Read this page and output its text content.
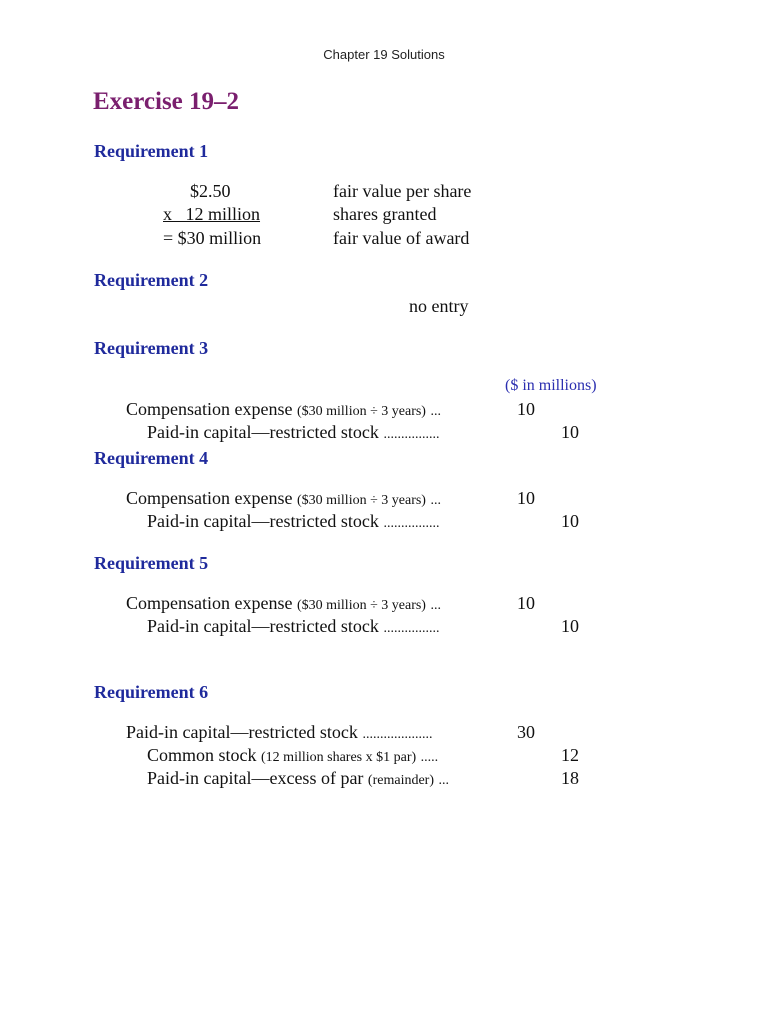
Chapter 19 Solutions
Exercise 19–2
Requirement 1
$2.50	fair value per share
x   12 million	shares granted
= $30 million	fair value of award
Requirement 2
no entry
Requirement 3
($ in millions)
Compensation expense ($30 million ÷ 3 years) ...	10
Paid-in capital—restricted stock ................	10
Requirement 4
Compensation expense ($30 million ÷ 3 years) ...	10
Paid-in capital—restricted stock ................	10
Requirement 5
Compensation expense ($30 million ÷ 3 years) ...	10
Paid-in capital—restricted stock ................	10
Requirement 6
Paid-in capital—restricted stock ....................	30
Common stock (12 million shares x $1 par) .....	12
Paid-in capital—excess of par (remainder) ...	18
